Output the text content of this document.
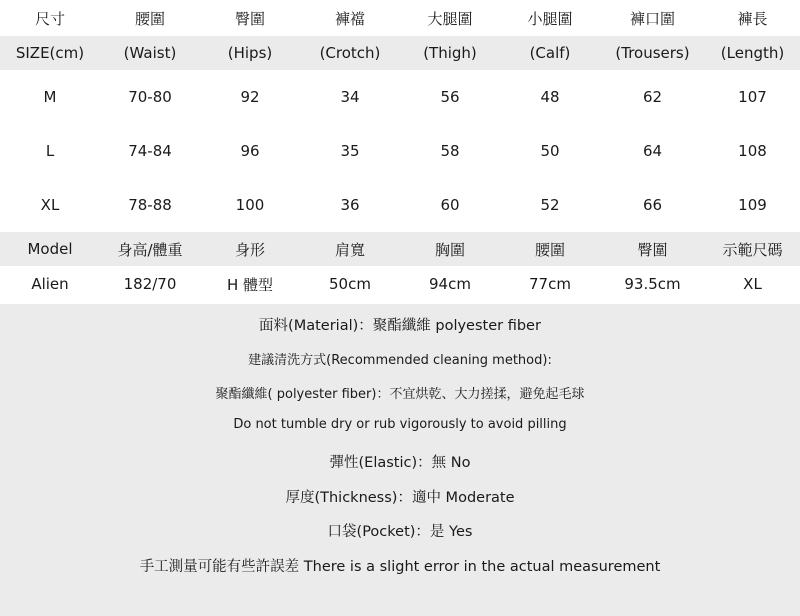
尺寸	腰圍	臀圍	褲襠	大腿圍	小腿圍	褲口圍	褲長
SIZE(cm)	(Waist)	(Hips)	(Crotch)	(Thigh)	(Calf)	(Trousers)	(Length)
M	70-80	92	34	56	48	62	107
L	74-84	96	35	58	50	64	108
XL	78-88	100	36	60	52	66	109
Model	身高/體重	身形	肩寬	胸圍	腰圍	臀圍	示範尺碼
Alien	182/70	H 體型	50cm	94cm	77cm	93.5cm	XL
面料(Material)：聚酯纖維 polyester fiber
建議清洗方式(Recommended cleaning method):
聚酯纖維( polyester fiber)：不宜烘乾、大力搓揉，避免起毛球
Do not tumble dry or rub vigorously to avoid pilling
彈性(Elastic)：無 No
厚度(Thickness)：適中 Moderate
口袋(Pocket)：是 Yes
手工測量可能有些許誤差 There is a slight error in the actual measurement
